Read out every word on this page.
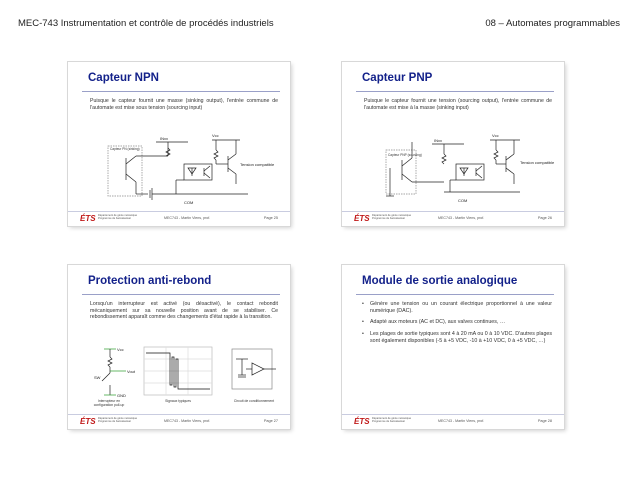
MEC-743 Instrumentation et contrôle de procédés industriels	08 – Automates programmables
Capteur NPN
Puisque le capteur fournit une masse (sinking output), l'entrée commune de l'automate est mise sous tension (sourcing input)
Vcc
INxx
Capteur PN (sinking)
COM
Tension compatible
ÉTS Département de génie mécanique Programme de baccalauréat	MEC743 - Martin Viens, prof.	Page 25
Capteur PNP
Puisque le capteur fournit une tension (sourcing output), l'entrée commune de l'automate est mise à la masse (sinking input)
Vcc
INxx
Capteur PNP (sourcing)
COM
Tension compatible
ÉTS Département de génie mécanique Programme de baccalauréat	MEC743 - Martin Viens, prof.	Page 26
Protection anti-rebond
Lorsqu'un interrupteur est activé (ou désactivé), le contact rebondit mécaniquement sur sa nouvelle position avant de se stabiliser. Ce rebondissement apparaît comme des changements d'état rapide à la transition.
Vcc
Vout
GND
SW
Interrupteur en configuration pull-up
Signaux typiques	Circuit de conditionnement
ÉTS Département de génie mécanique Programme de baccalauréat	MEC743 - Martin Viens, prof.	Page 27
Module de sortie analogique
• Génère une tension ou un courant électrique proportionnel à une valeur numérique (DAC).
• Adapté aux moteurs (AC et DC), aux valves continues, …
• Les plages de sortie typiques sont 4 à 20 mA ou 0 à 10 VDC. D'autres plages sont également disponibles (-5 à +5 VDC, -10 à +10 VDC, 0 à +5 VDC, …)
ÉTS Département de génie mécanique Programme de baccalauréat	MEC743 - Martin Viens, prof.	Page 28
